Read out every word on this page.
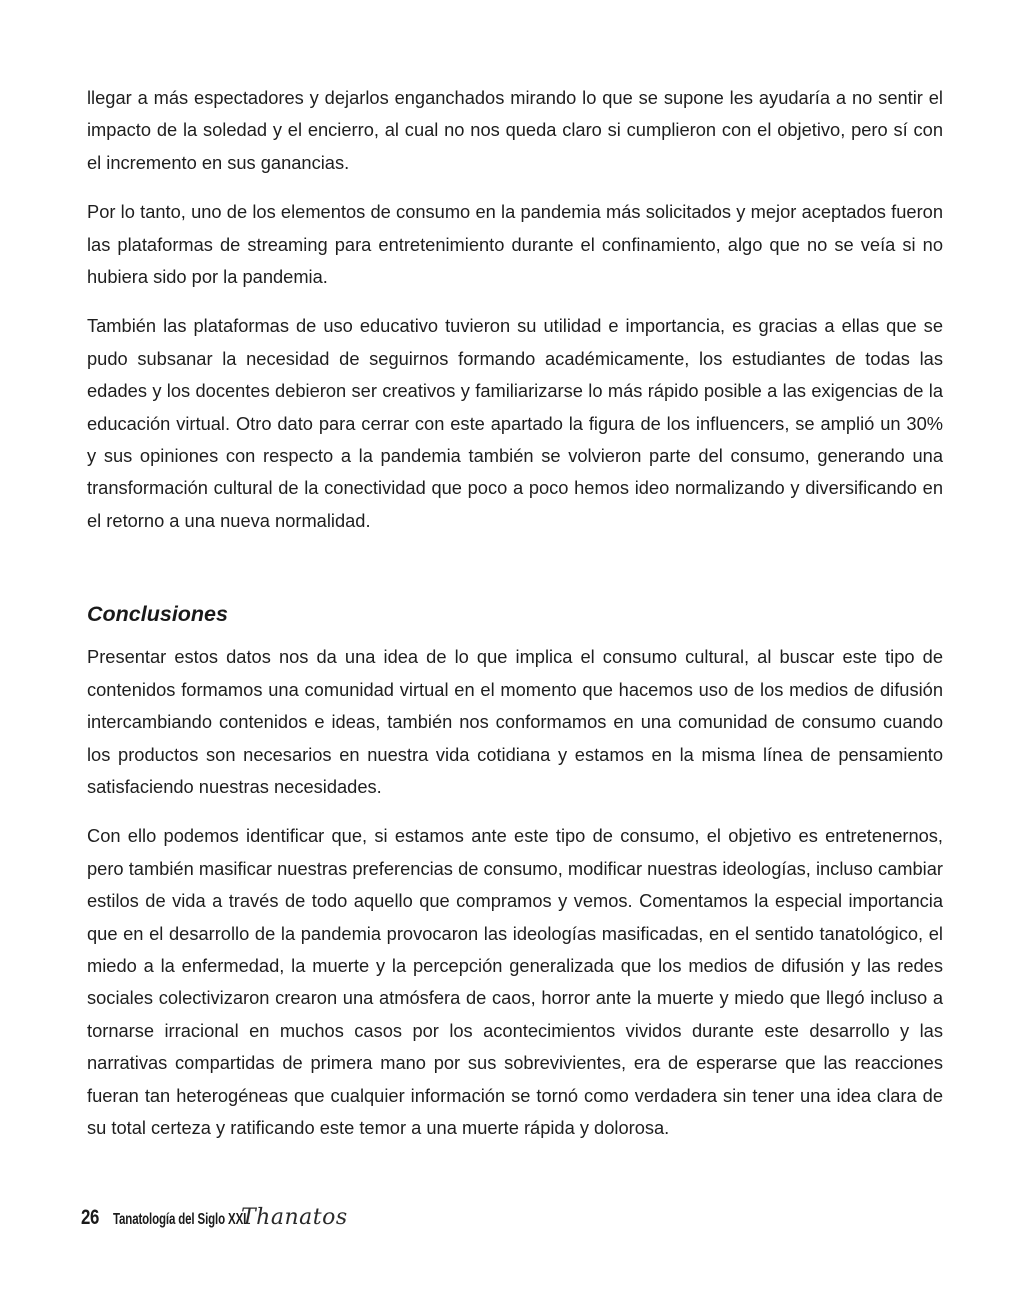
llegar a más espectadores y dejarlos enganchados mirando lo que se supone les ayudaría a no sentir el impacto de la soledad y el encierro, al cual no nos queda claro si cumplieron con el objetivo, pero sí con el incremento en sus ganancias.

Por lo tanto, uno de los elementos de consumo en la pandemia más solicitados y mejor aceptados fueron las plataformas de streaming para entretenimiento durante el confinamiento, algo que no se veía si no hubiera sido por la pandemia.

También las plataformas de uso educativo tuvieron su utilidad e importancia, es gracias a ellas que se pudo subsanar la necesidad de seguirnos formando académicamente, los estudiantes de todas las edades y los docentes debieron ser creativos y familiarizarse lo más rápido posible a las exigencias de la educación virtual. Otro dato para cerrar con este apartado la figura de los influencers, se amplió un 30% y sus opiniones con respecto a la pandemia también se volvieron parte del consumo, generando una transformación cultural de la conectividad que poco a poco hemos ideo normalizando y diversificando en el retorno a una nueva normalidad.

Conclusiones

Presentar estos datos nos da una idea de lo que implica el consumo cultural, al buscar este tipo de contenidos formamos una comunidad virtual en el momento que hacemos uso de los medios de difusión intercambiando contenidos e ideas, también nos conformamos en una comunidad de consumo cuando los productos son necesarios en nuestra vida cotidiana y estamos en la misma línea de pensamiento satisfaciendo nuestras necesidades.

Con ello podemos identificar que, si estamos ante este tipo de consumo, el objetivo es entretenernos, pero también masificar nuestras preferencias de consumo, modificar nuestras ideologías, incluso cambiar estilos de vida a través de todo aquello que compramos y vemos. Comentamos la especial importancia que en el desarrollo de la pandemia provocaron las ideologías masificadas, en el sentido tanatológico, el miedo a la enfermedad, la muerte y la percepción generalizada que los medios de difusión y las redes sociales colectivizaron crearon una atmósfera de caos, horror ante la muerte y miedo que llegó incluso a tornarse irracional en muchos casos por los acontecimientos vividos durante este desarrollo y las narrativas compartidas de primera mano por sus sobrevivientes, era de esperarse que las reacciones fueran tan heterogéneas que cualquier información se tornó como verdadera sin tener una idea clara de su total certeza y ratificando este temor a una muerte rápida y dolorosa.

26 Tanatología del Siglo XXI
Thanatos
